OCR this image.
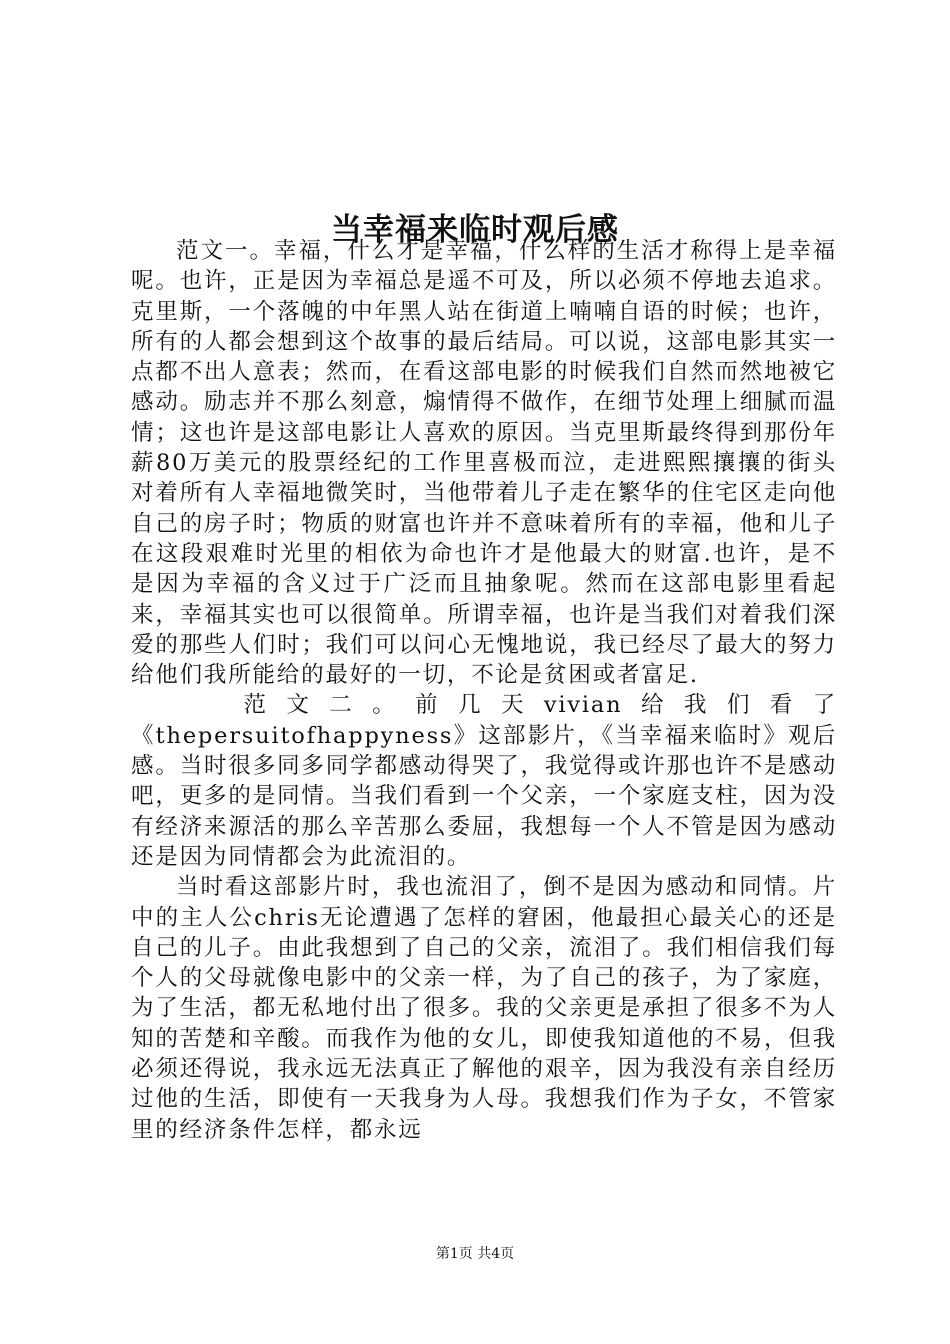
当幸福来临时观后感

范文一。幸福，什么才是幸福，什么样的生活才称得上是幸福呢。也许，正是因为幸福总是遥不可及，所以必须不停地去追求。克里斯，一个落魄的中年黑人站在街道上喃喃自语的时候；也许，所有的人都会想到这个故事的最后结局。可以说，这部电影其实一点都不出人意表；然而，在看这部电影的时候我们自然而然地被它感动。励志并不那么刻意，煽情得不做作，在细节处理上细腻而温情；这也许是这部电影让人喜欢的原因。当克里斯最终得到那份年薪80万美元的股票经纪的工作里喜极而泣，走进熙熙攘攘的街头对着所有人幸福地微笑时，当他带着儿子走在繁华的住宅区走向他自己的房子时；物质的财富也许并不意味着所有的幸福，他和儿子在这段艰难时光里的相依为命也许才是他最大的财富.也许，是不是因为幸福的含义过于广泛而且抽象呢。然而在这部电影里看起来，幸福其实也可以很简单。所谓幸福，也许是当我们对着我们深爱的那些人们时；我们可以问心无愧地说，我已经尽了最大的努力给他们我所能给的最好的一切，不论是贫困或者富足.

范文二。前几天vivian给我们看了

《thepersuitofhappyness》这部影片，《当幸福来临时》观后感。当时很多同多同学都感动得哭了，我觉得或许那也许不是感动吧，更多的是同情。当我们看到一个父亲，一个家庭支柱，因为没有经济来源活的那么辛苦那么委屈，我想每一个人不管是因为感动还是因为同情都会为此流泪的。

当时看这部影片时，我也流泪了，倒不是因为感动和同情。片中的主人公chris无论遭遇了怎样的窘困，他最担心最关心的还是自己的儿子。由此我想到了自己的父亲，流泪了。我们相信我们每个人的父母就像电影中的父亲一样，为了自己的孩子，为了家庭，为了生活，都无私地付出了很多。我的父亲更是承担了很多不为人知的苦楚和辛酸。而我作为他的女儿，即使我知道他的不易，但我必须还得说，我永远无法真正了解他的艰辛，因为我没有亲自经历过他的生活，即使有一天我身为人母。我想我们作为子女，不管家里的经济条件怎样，都永远

第1页 共4页
